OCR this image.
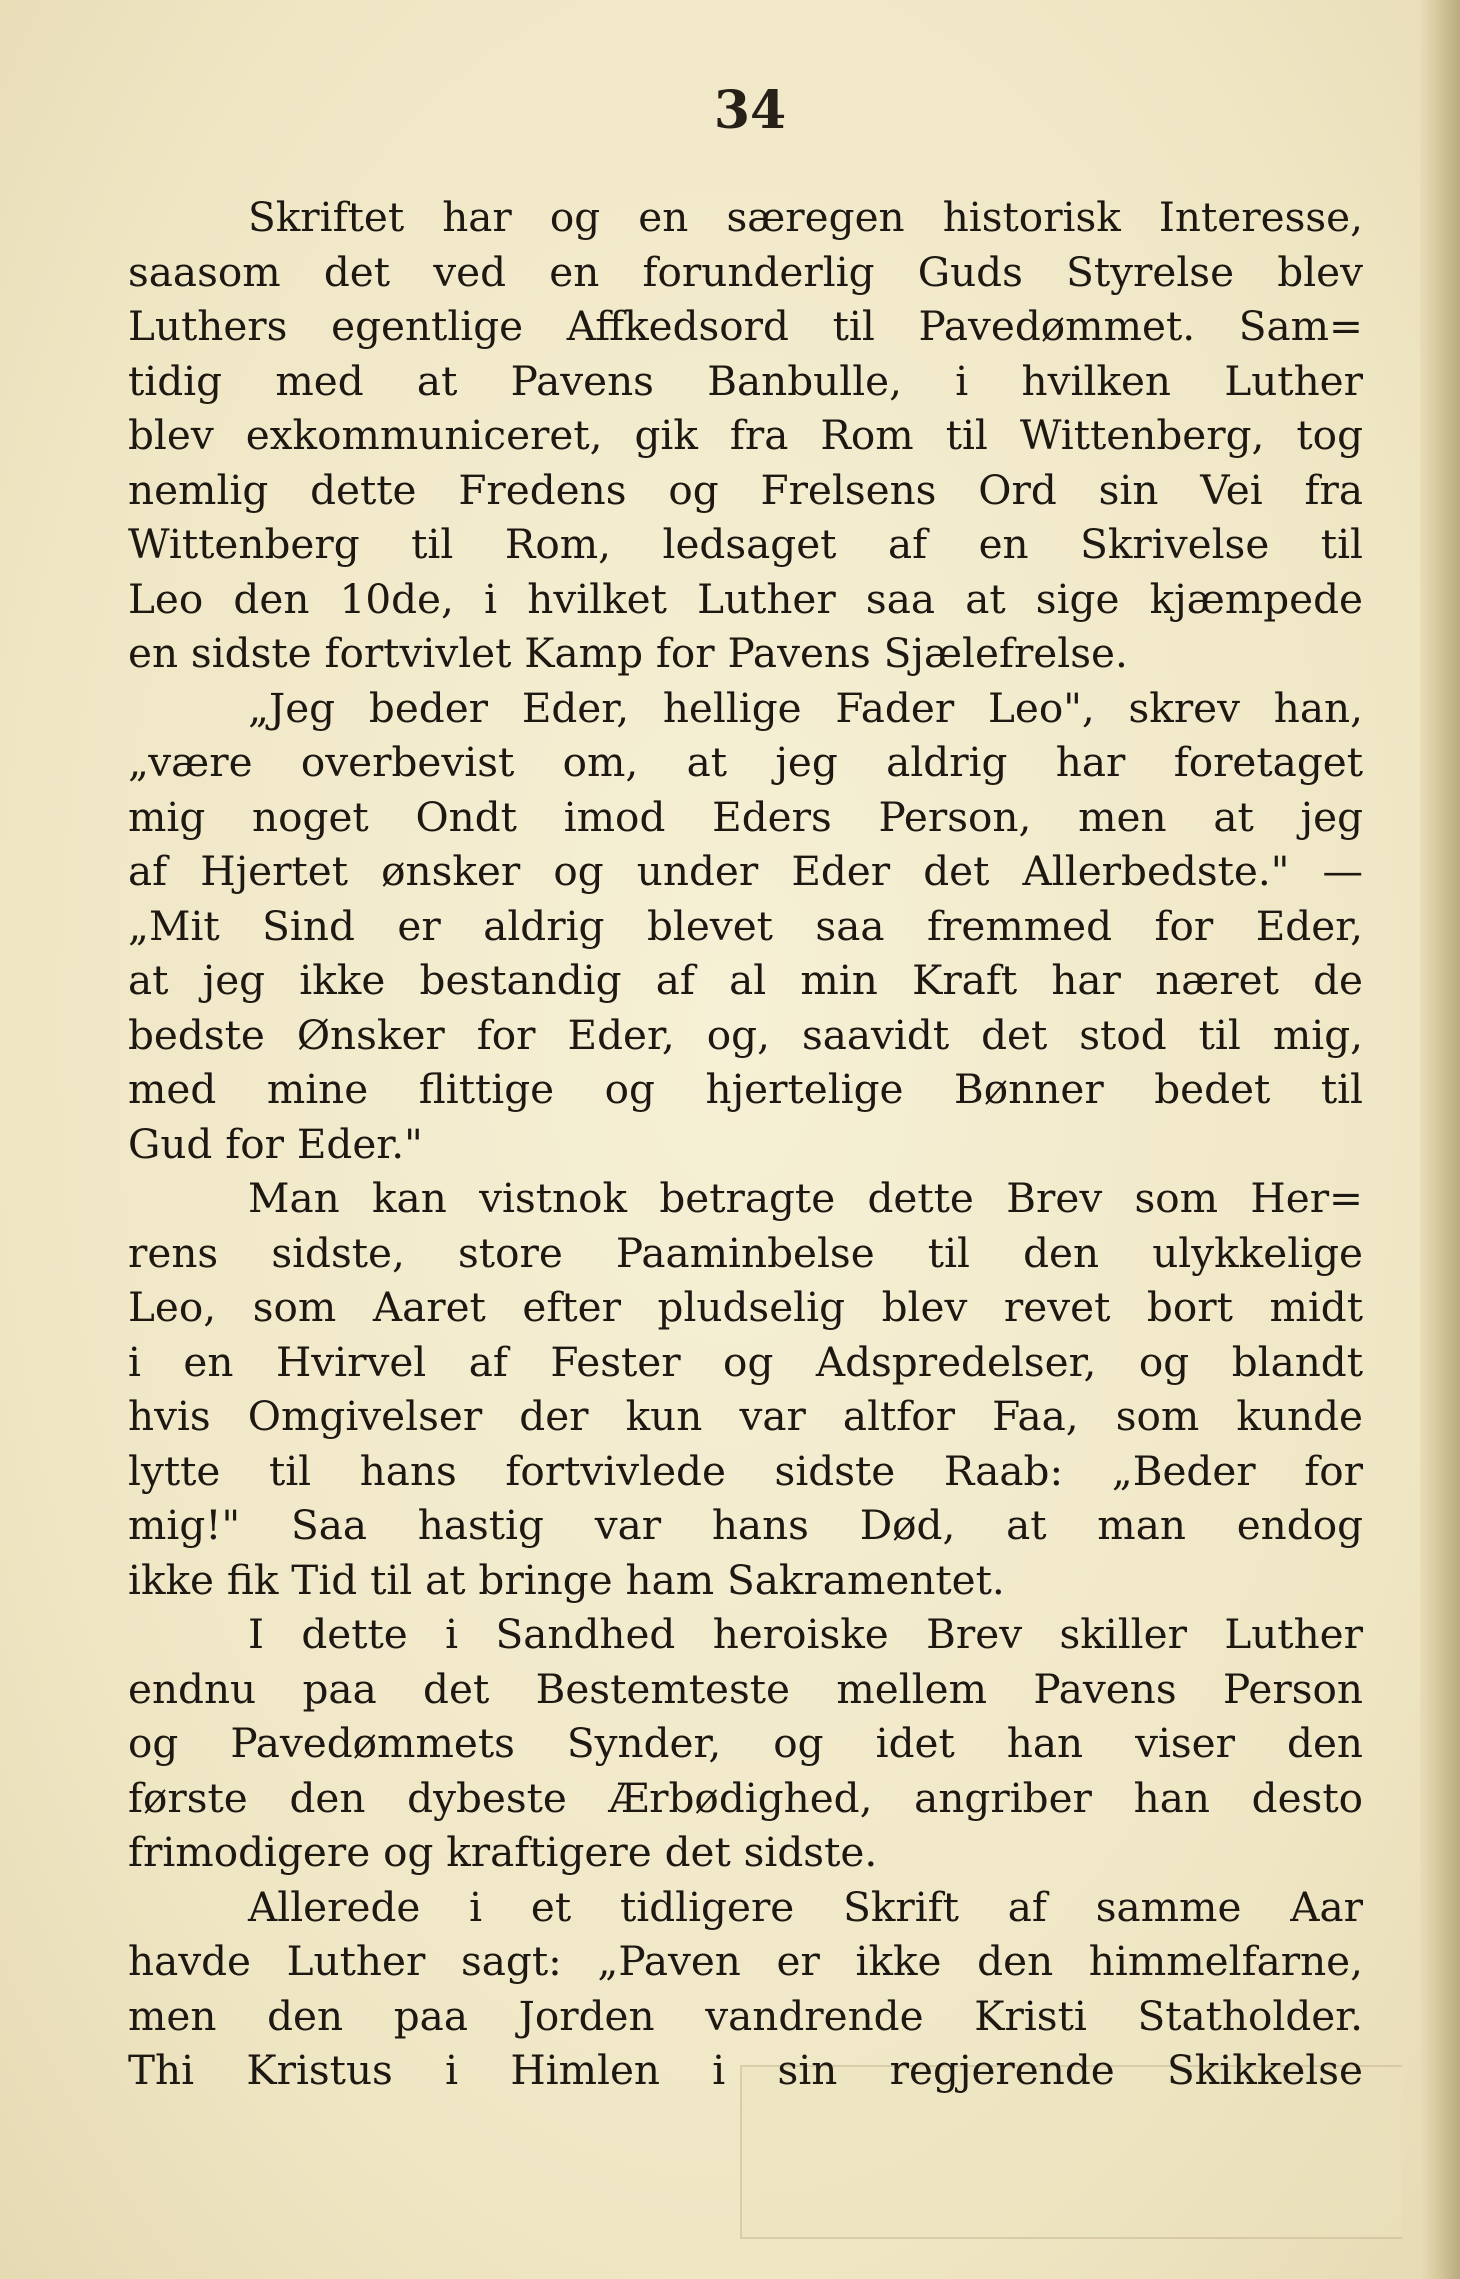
34
Skriftet har og en særegen historisk Interesse,
saasom det ved en forunderlig Guds Styrelse blev
Luthers egentlige Affkedsord til Pavedømmet. Sam=
tidig med at Pavens Banbulle, i hvilken Luther
blev exkommuniceret, gik fra Rom til Wittenberg, tog
nemlig dette Fredens og Frelsens Ord sin Vei fra
Wittenberg til Rom, ledsaget af en Skrivelse til
Leo den 10de, i hvilket Luther saa at sige kjæmpede
en sidste fortvivlet Kamp for Pavens Sjælefrelse.
„Jeg beder Eder, hellige Fader Leo", skrev han,
„være overbevist om, at jeg aldrig har foretaget
mig noget Ondt imod Eders Person, men at jeg
af Hjertet ønsker og under Eder det Allerbedste." —
„Mit Sind er aldrig blevet saa fremmed for Eder,
at jeg ikke bestandig af al min Kraft har næret de
bedste Ønsker for Eder, og, saavidt det stod til mig,
med mine flittige og hjertelige Bønner bedet til
Gud for Eder."
Man kan vistnok betragte dette Brev som Her=
rens sidste, store Paaminbelse til den ulykkelige
Leo, som Aaret efter pludselig blev revet bort midt
i en Hvirvel af Fester og Adspredelser, og blandt
hvis Omgivelser der kun var altfor Faa, som kunde
lytte til hans fortvivlede sidste Raab: „Beder for
mig!" Saa hastig var hans Død, at man endog
ikke fik Tid til at bringe ham Sakramentet.
I dette i Sandhed heroiske Brev skiller Luther
endnu paa det Bestemteste mellem Pavens Person
og Pavedømmets Synder, og idet han viser den
første den dybeste Ærbødighed, angriber han desto
frimodigere og kraftigere det sidste.
Allerede i et tidligere Skrift af samme Aar
havde Luther sagt: „Paven er ikke den himmelfarne,
men den paa Jorden vandrende Kristi Statholder.
Thi Kristus i Himlen i sin regjerende Skikkelse
